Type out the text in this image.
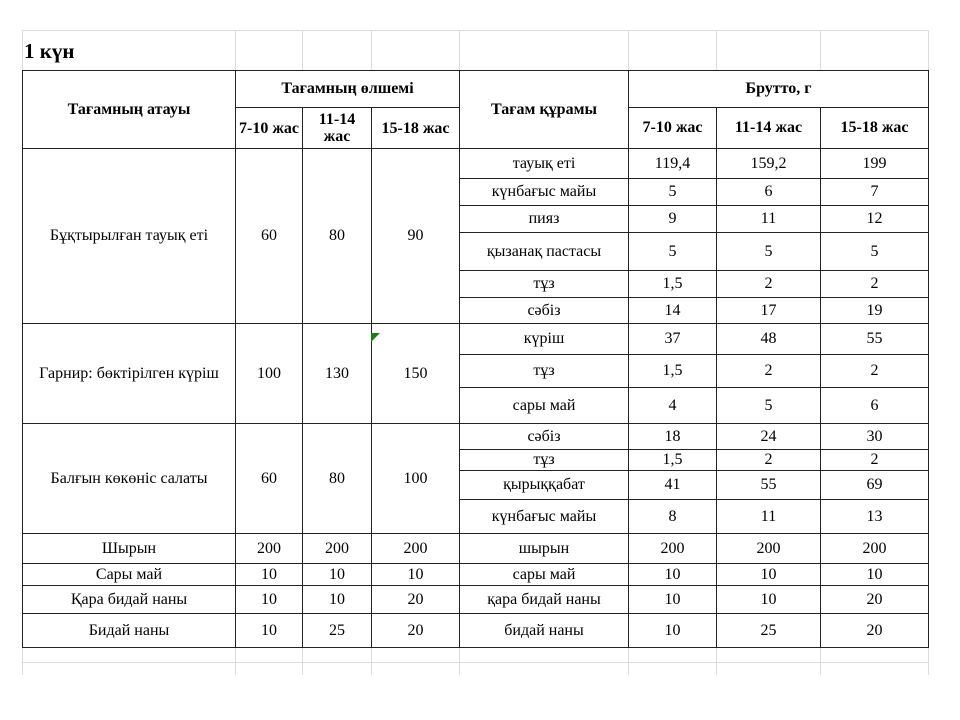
1 күн
Тағамның атауы	Тағамның өлшемі			Тағам құрамы	Брутто, г		
	7-10 жас	11-14 жас	15-18 жас		7-10 жас	11-14 жас	15-18 жас
Бұқтырылған тауық еті	60	80	90	тауық еті	119,4	159,2	199
				күнбағыс майы	5	6	7
				пияз	9	11	12
				қызанақ пастасы	5	5	5
				тұз	1,5	2	2
				сәбіз	14	17	19
Гарнир: бөктірілген күріш	100	130	150	күріш	37	48	55
				тұз	1,5	2	2
				сары май	4	5	6
Балғын көкөніс салаты	60	80	100	сәбіз	18	24	30
				тұз	1,5	2	2
				қырыққабат	41	55	69
				күнбағыс майы	8	11	13
Шырын	200	200	200	шырын	200	200	200
Сары май	10	10	10	сары май	10	10	10
Қара бидай наны	10	10	20	қара бидай наны	10	10	20
Бидай наны	10	25	20	бидай наны	10	25	20
